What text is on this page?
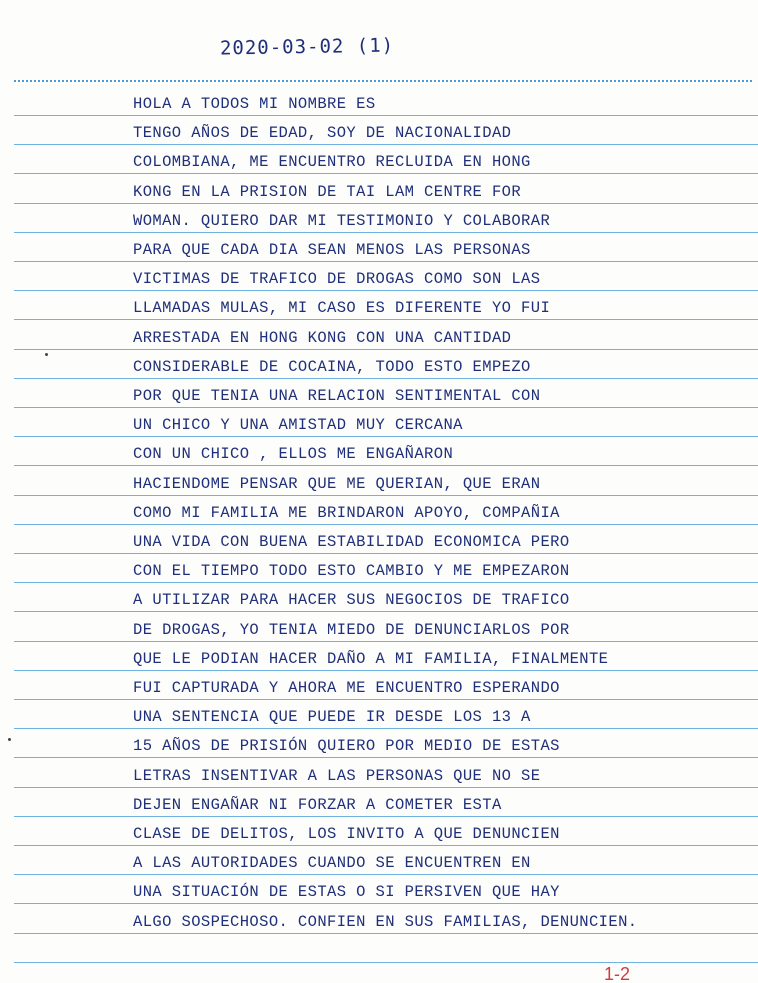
2020-03-02 (1)
HOLA A TODOS MI NOMBRE ES
TENGO AÑOS DE EDAD, SOY DE NACIONALIDAD
COLOMBIANA, ME ENCUENTRO RECLUIDA EN HONG
KONG EN LA PRISION DE TAI LAM CENTRE FOR
WOMAN. QUIERO DAR MI TESTIMONIO Y COLABORAR
PARA QUE CADA DIA SEAN MENOS LAS PERSONAS
VICTIMAS DE TRAFICO DE DROGAS COMO SON LAS
LLAMADAS MULAS, MI CASO ES DIFERENTE YO FUI
ARRESTADA EN HONG KONG CON UNA CANTIDAD
CONSIDERABLE DE COCAINA, TODO ESTO EMPEZO
POR QUE TENIA UNA RELACION SENTIMENTAL CON
UN CHICO Y UNA AMISTAD MUY CERCANA
CON UN CHICO , ELLOS ME ENGAÑARON
HACIENDOME PENSAR QUE ME QUERIAN, QUE ERAN
COMO MI FAMILIA ME BRINDARON APOYO, COMPAÑIA
UNA VIDA CON BUENA ESTABILIDAD ECONOMICA PERO
CON EL TIEMPO TODO ESTO CAMBIO Y ME EMPEZARON
A UTILIZAR PARA HACER SUS NEGOCIOS DE TRAFICO
DE DROGAS, YO TENIA MIEDO DE DENUNCIARLOS POR
QUE LE PODIAN HACER DAÑO A MI FAMILIA, FINALMENTE
FUI CAPTURADA Y AHORA ME ENCUENTRO ESPERANDO
UNA SENTENCIA QUE PUEDE IR DESDE LOS 13 A
15 AÑOS DE PRISIÓN QUIERO POR MEDIO DE ESTAS
LETRAS INSENTIVAR A LAS PERSONAS QUE NO SE
DEJEN ENGAÑAR NI FORZAR A COMETER ESTA
CLASE DE DELITOS, LOS INVITO A QUE DENUNCIEN
A LAS AUTORIDADES CUANDO SE ENCUENTREN EN
UNA SITUACIÓN DE ESTAS O SI PERSIVEN QUE HAY
ALGO SOSPECHOSO. CONFIEN EN SUS FAMILIAS, DENUNCIEN.
1-2
